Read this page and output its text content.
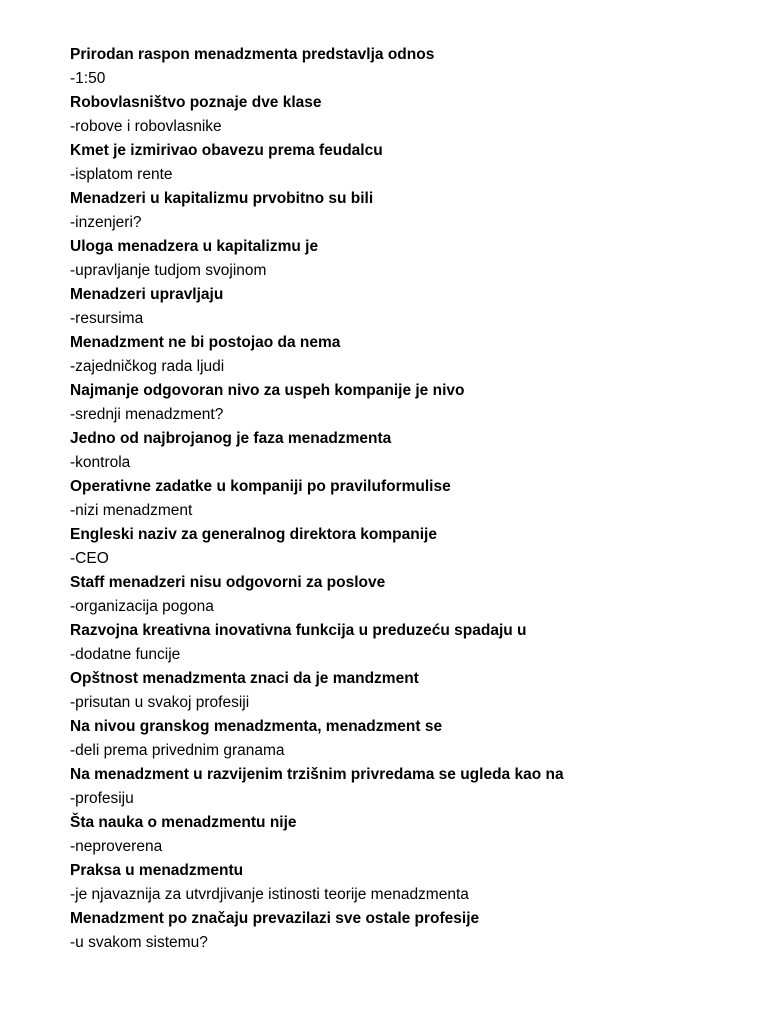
Prirodan raspon menadzmenta predstavlja odnos
-1:50
Robovlasništvo poznaje dve klase
-robove i robovlasnike
Kmet je izmirivao obavezu prema feudalcu
-isplatom rente
Menadzeri u kapitalizmu prvobitno su bili
-inzenjeri?
Uloga menadzera u kapitalizmu je
-upravljanje tudjom svojinom
Menadzeri upravljaju
-resursima
Menadzment ne bi postojao da nema
-zajedničkog rada ljudi
Najmanje odgovoran nivo za uspeh kompanije je nivo
-srednji menadzment?
Jedno od najbrojanog je faza menadzmenta
-kontrola
Operativne zadatke u kompaniji po praviluformulise
-nizi menadzment
Engleski naziv za generalnog direktora kompanije
-CEO
Staff menadzeri nisu odgovorni za poslove
-organizacija pogona
Razvojna kreativna inovativna funkcija u preduzeću spadaju u
-dodatne funcije
Opštnost menadzmenta znaci da je mandzment
-prisutan u svakoj profesiji
Na nivou granskog menadzmenta, menadzment se
-deli prema privednim granama
Na menadzment u razvijenim trzišnim privredama se ugleda kao na
-profesiju
Šta nauka o menadzmentu nije
-neproverena
Praksa u menadzmentu
-je njavaznija za utvrdjivanje istinosti teorije menadzmenta
Menadzment po značaju prevazilazi sve ostale profesije
-u svakom sistemu?
